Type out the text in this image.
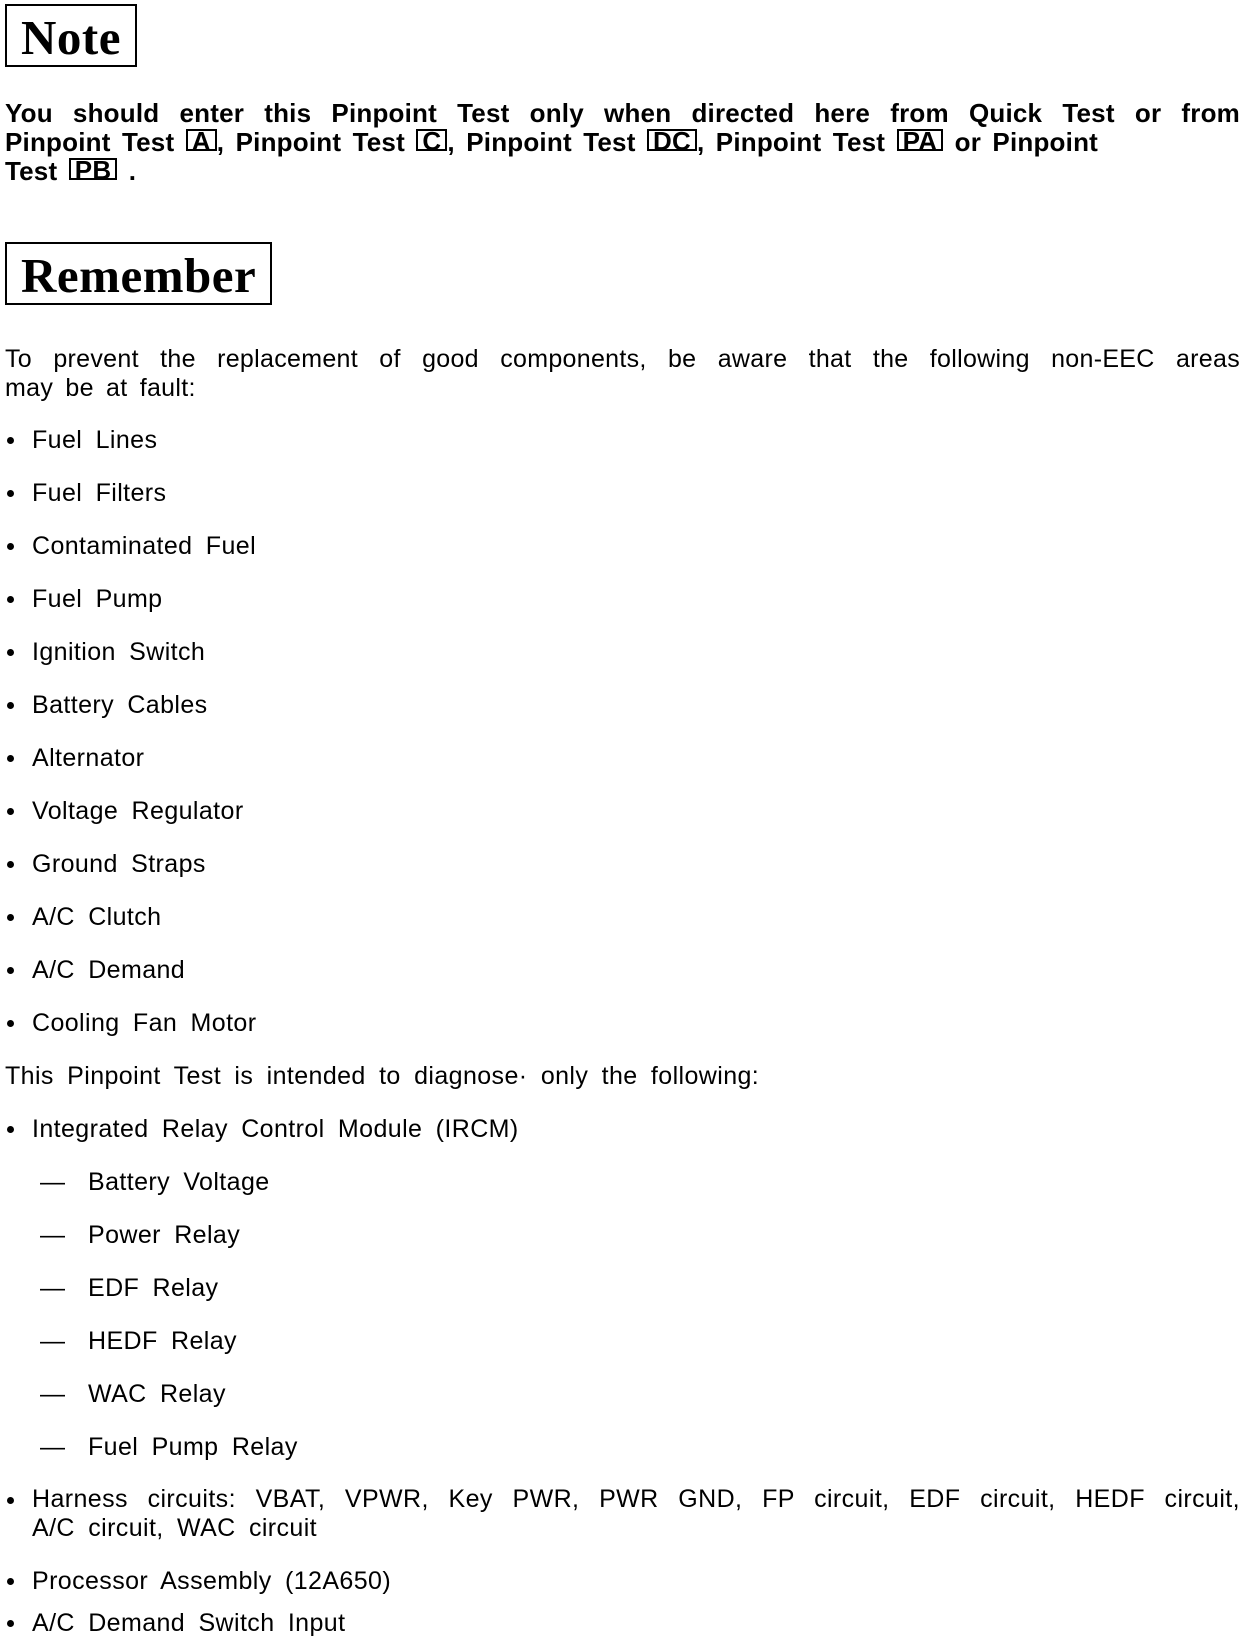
Note
You should enter this Pinpoint Test only when directed here from Quick Test or from
Pinpoint Test A , Pinpoint Test C , Pinpoint Test DC , Pinpoint Test PA or Pinpoint
Test PB .
Remember
To prevent the replacement of good components, be aware that the following non-EEC areas
may be at fault:
Fuel Lines
Fuel Filters
Contaminated Fuel
Fuel Pump
Ignition Switch
Battery Cables
Alternator
Voltage Regulator
Ground Straps
A/C Clutch
A/C Demand
Cooling Fan Motor
This Pinpoint Test is intended to diagnose· only the following:
Integrated Relay Control Module (IRCM)
— Battery Voltage
— Power Relay
— EDF Relay
— HEDF Relay
— WAC Relay
— Fuel Pump Relay
Harness circuits: VBAT, VPWR, Key PWR, PWR GND, FP circuit, EDF circuit, HEDF circuit,
A/C circuit, WAC circuit
Processor Assembly (12A650)
A/C Demand Switch Input
